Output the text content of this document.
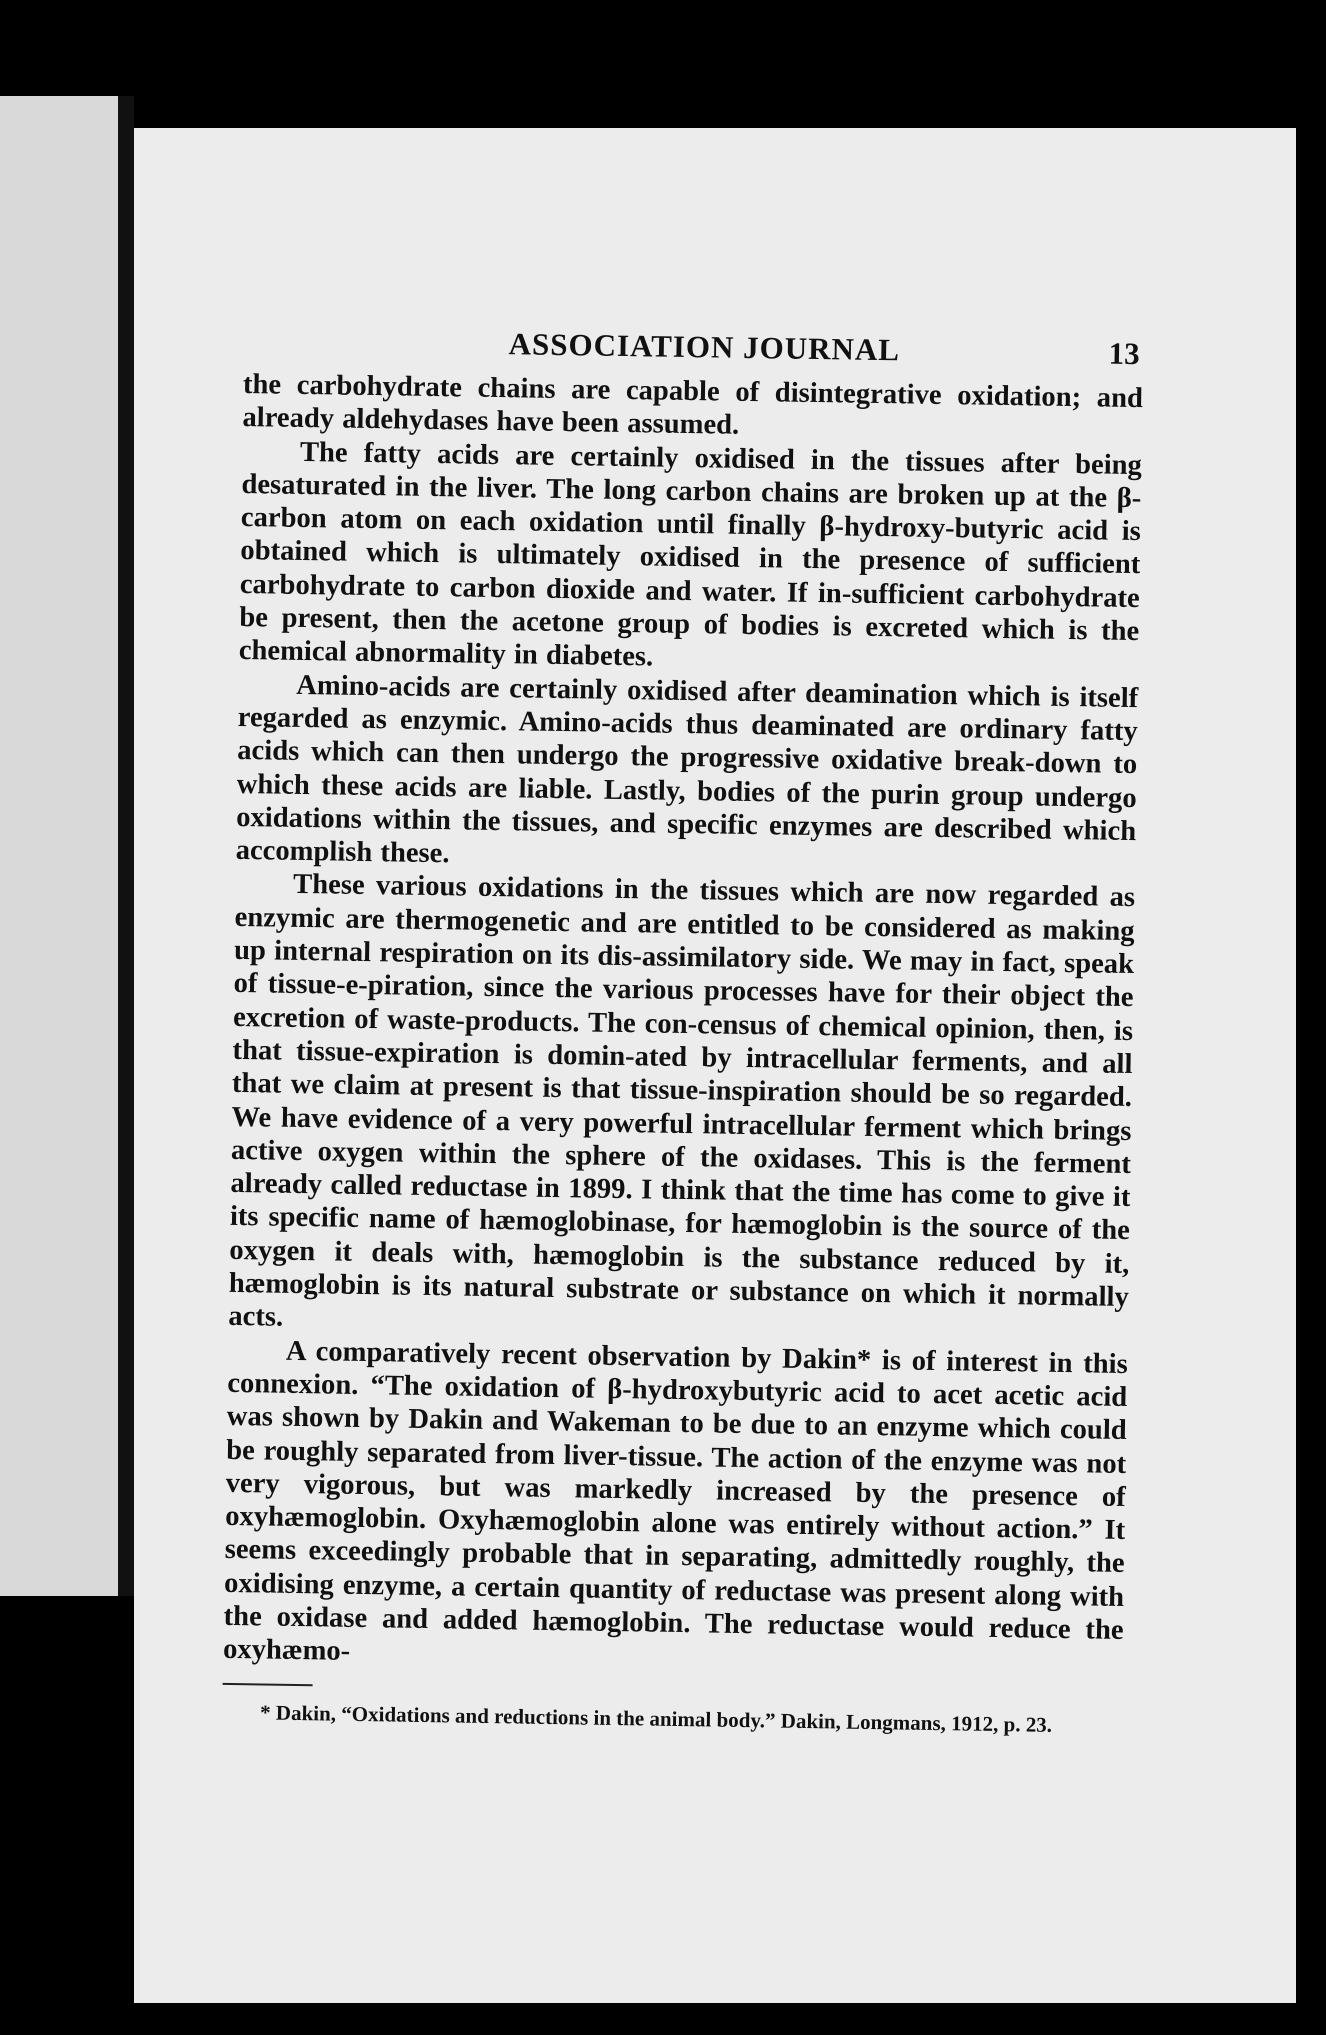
ASSOCIATION JOURNAL	13

the carbohydrate chains are capable of disintegrative oxidation; and already aldehydases have been assumed.

The fatty acids are certainly oxidised in the tissues after being desaturated in the liver. The long carbon chains are broken up at the β-carbon atom on each oxidation until finally β-hydroxy-butyric acid is obtained which is ultimately oxidised in the presence of sufficient carbohydrate to carbon dioxide and water. If in-sufficient carbohydrate be present, then the acetone group of bodies is excreted which is the chemical abnormality in diabetes.

Amino-acids are certainly oxidised after deamination which is itself regarded as enzymic. Amino-acids thus deaminated are ordinary fatty acids which can then undergo the progressive oxidative break-down to which these acids are liable. Lastly, bodies of the purin group undergo oxidations within the tissues, and specific enzymes are described which accomplish these.

These various oxidations in the tissues which are now regarded as enzymic are thermogenetic and are entitled to be considered as making up internal respiration on its dis-assimilatory side. We may in fact, speak of tissue-e-piration, since the various processes have for their object the excretion of waste-products. The con-census of chemical opinion, then, is that tissue-expiration is domin-ated by intracellular ferments, and all that we claim at present is that tissue-inspiration should be so regarded. We have evidence of a very powerful intracellular ferment which brings active oxygen within the sphere of the oxidases. This is the ferment already called reductase in 1899. I think that the time has come to give it its specific name of hæmoglobinase, for hæmoglobin is the source of the oxygen it deals with, hæmoglobin is the substance reduced by it, hæmoglobin is its natural substrate or substance on which it normally acts.

A comparatively recent observation by Dakin* is of interest in this connexion. “The oxidation of β-hydroxybutyric acid to acet acetic acid was shown by Dakin and Wakeman to be due to an enzyme which could be roughly separated from liver-tissue. The action of the enzyme was not very vigorous, but was markedly increased by the presence of oxyhæmoglobin. Oxyhæmoglobin alone was entirely without action.” It seems exceedingly probable that in separating, admittedly roughly, the oxidising enzyme, a certain quantity of reductase was present along with the oxidase and added hæmoglobin. The reductase would reduce the oxyhæmo-

* Dakin, “Oxidations and reductions in the animal body.” Dakin, Longmans, 1912, p. 23.
